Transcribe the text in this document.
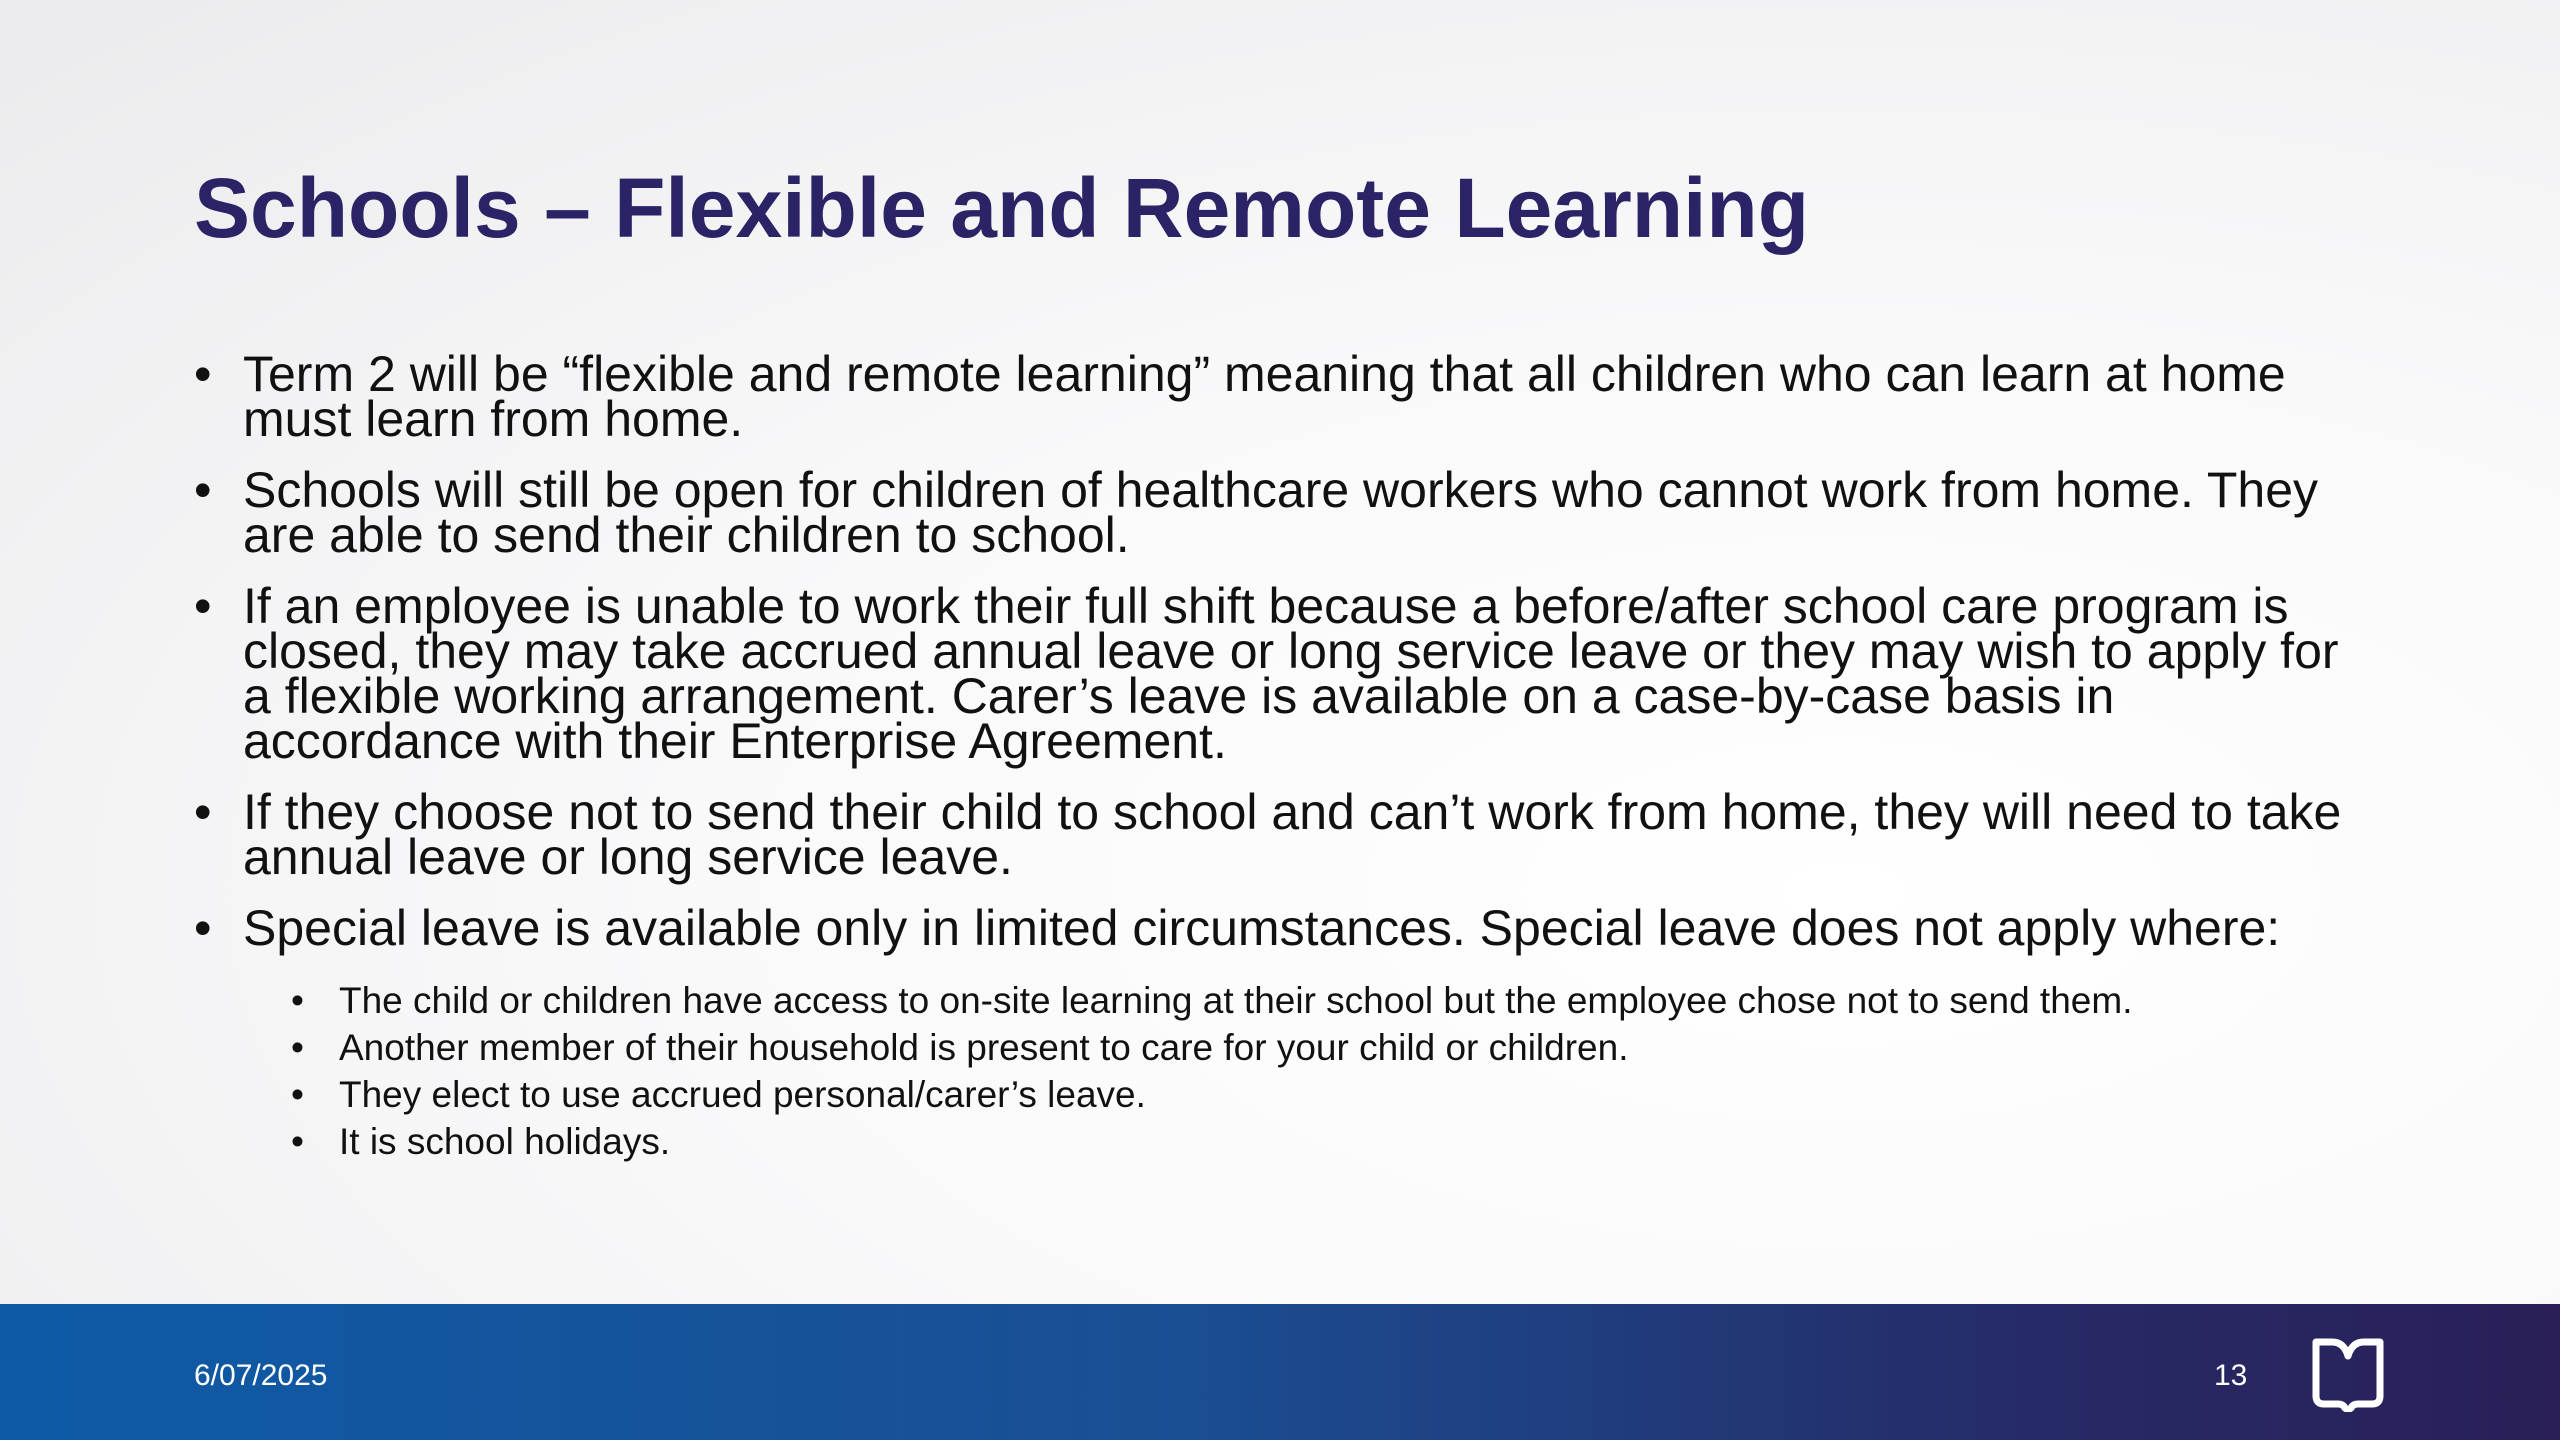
Schools – Flexible and Remote Learning
• Term 2 will be “flexible and remote learning” meaning that all children who can learn at home must learn from home.
• Schools will still be open for children of healthcare workers who cannot work from home. They are able to send their children to school.
• If an employee is unable to work their full shift because a before/after school care program is closed, they may take accrued annual leave or long service leave or they may wish to apply for a flexible working arrangement. Carer’s leave is available on a case-by-case basis in accordance with their Enterprise Agreement.
• If they choose not to send their child to school and can’t work from home, they will need to take annual leave or long service leave.
• Special leave is available only in limited circumstances. Special leave does not apply where:
• The child or children have access to on-site learning at their school but the employee chose not to send them.
• Another member of their household is present to care for your child or children.
• They elect to use accrued personal/carer’s leave.
• It is school holidays.
6/07/2025	13
